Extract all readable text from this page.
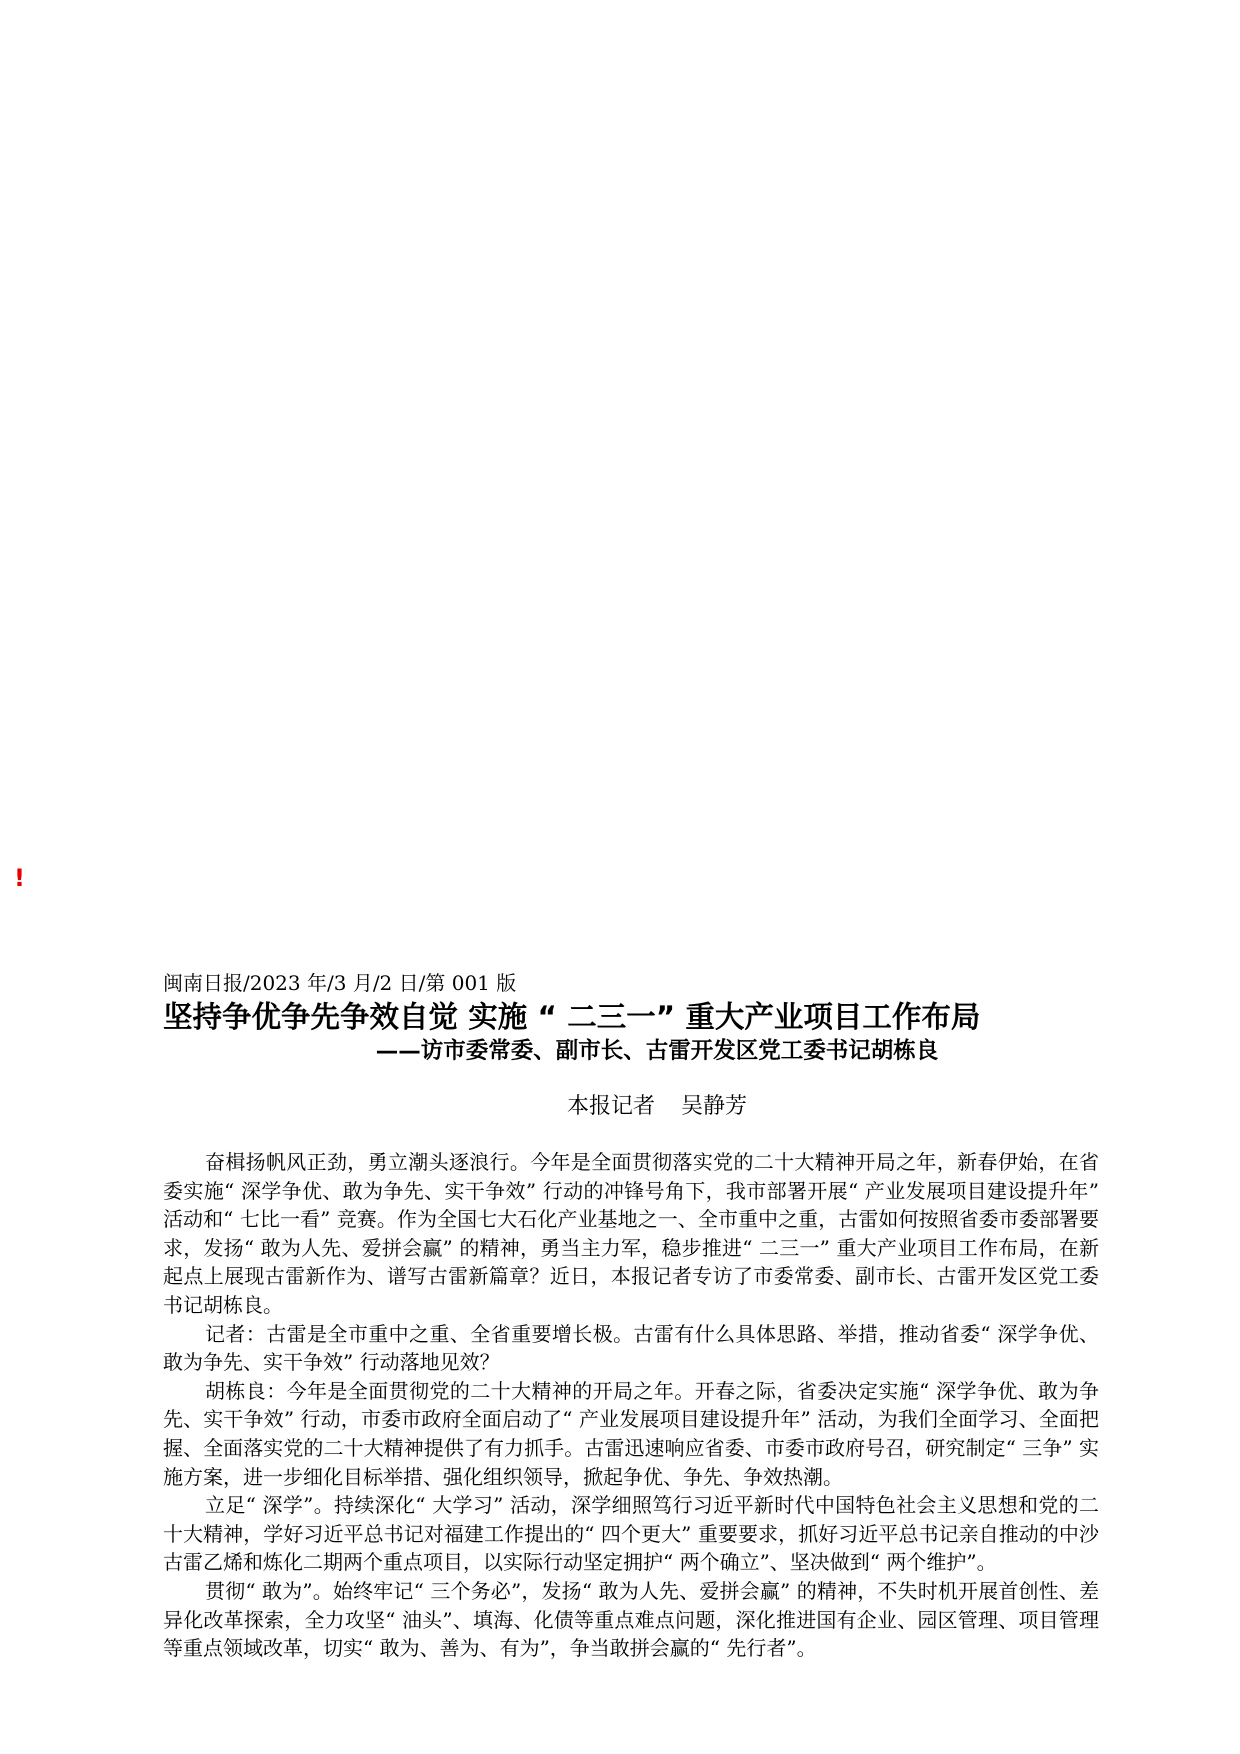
!

闽南日报/2023 年/3 月/2 日/第 001 版

坚持争优争先争效自觉 实施 “ 二三一” 重大产业项目工作布局
——访市委常委、副市长、古雷开发区党工委书记胡栋良
本报记者 吴静芳

奋楫扬帆风正劲，勇立潮头逐浪行。今年是全面贯彻落实党的二十大精神开局之年，新春伊始，在省委实施“ 深学争优、敢为争先、实干争效” 行动的冲锋号角下，我市部署开展“ 产业发展项目建设提升年” 活动和“ 七比一看” 竞赛。作为全国七大石化产业基地之一、全市重中之重，古雷如何按照省委市委部署要求，发扬“ 敢为人先、爱拼会赢” 的精神，勇当主力军，稳步推进“ 二三一” 重大产业项目工作布局，在新起点上展现古雷新作为、谱写古雷新篇章？近日，本报记者专访了市委常委、副市长、古雷开发区党工委书记胡栋良。

记者：古雷是全市重中之重、全省重要增长极。古雷有什么具体思路、举措，推动省委“ 深学争优、敢为争先、实干争效” 行动落地见效？

胡栋良：今年是全面贯彻党的二十大精神的开局之年。开春之际，省委决定实施“ 深学争优、敢为争先、实干争效” 行动，市委市政府全面启动了“ 产业发展项目建设提升年” 活动，为我们全面学习、全面把握、全面落实党的二十大精神提供了有力抓手。古雷迅速响应省委、市委市政府号召，研究制定“ 三争” 实施方案，进一步细化目标举措、强化组织领导，掀起争优、争先、争效热潮。

立足“ 深学”。持续深化“ 大学习” 活动，深学细照笃行习近平新时代中国特色社会主义思想和党的二十大精神，学好习近平总书记对福建工作提出的“ 四个更大” 重要要求，抓好习近平总书记亲自推动的中沙古雷乙烯和炼化二期两个重点项目，以实际行动坚定拥护“ 两个确立”、坚决做到“ 两个维护”。

贯彻“ 敢为”。始终牢记“ 三个务必”，发扬“ 敢为人先、爱拼会赢” 的精神，不失时机开展首创性、差异化改革探索，全力攻坚“ 油头”、填海、化债等重点难点问题，深化推进国有企业、园区管理、项目管理等重点领域改革，切实“ 敢为、善为、有为”，争当敢拼会赢的“ 先行者”。
